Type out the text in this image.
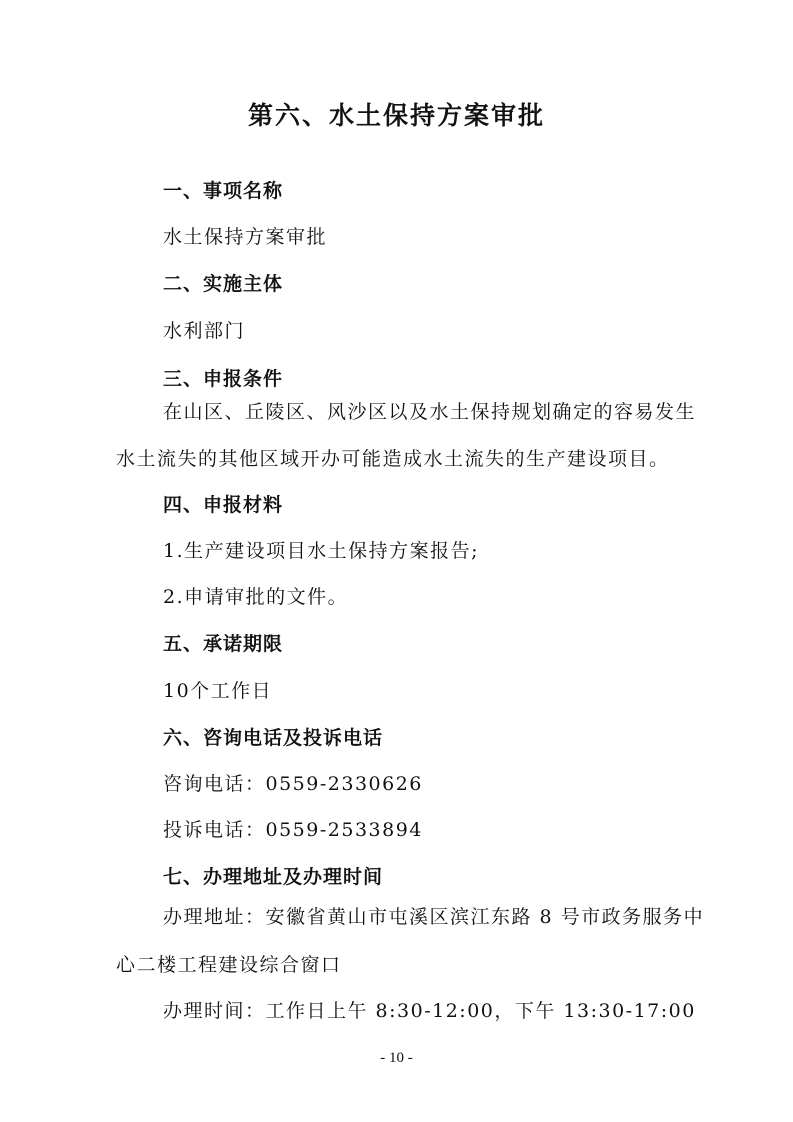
第六、水土保持方案审批
一、事项名称
水土保持方案审批
二、实施主体
水利部门
三、申报条件
在山区、丘陵区、风沙区以及水土保持规划确定的容易发生
水土流失的其他区域开办可能造成水土流失的生产建设项目。
四、申报材料
1.生产建设项目水土保持方案报告;
2.申请审批的文件。
五、承诺期限
10个工作日
六、咨询电话及投诉电话
咨询电话：0559-2330626
投诉电话：0559-2533894
七、办理地址及办理时间
办理地址：安徽省黄山市屯溪区滨江东路 8 号市政务服务中
心二楼工程建设综合窗口
办理时间：工作日上午 8:30-12:00，下午 13:30-17:00
- 10 -
